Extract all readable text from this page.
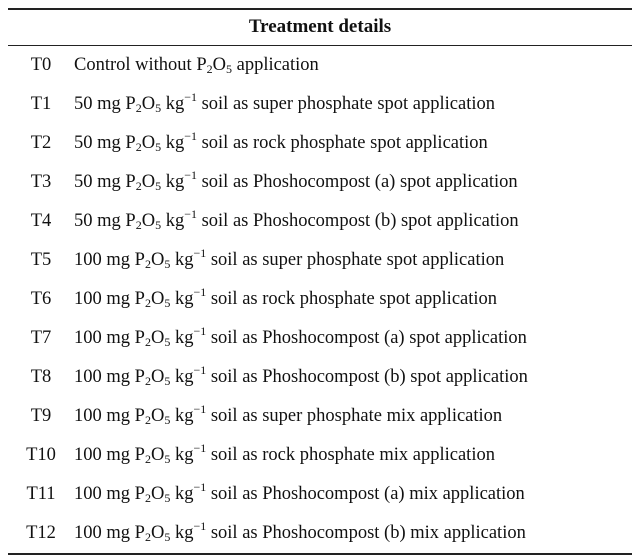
Treatment details
T0	Control without $P_2O_5$ application
T1	50 mg $P_2O_5$ $kg^{-1}$ soil as super phosphate spot application
T2	50 mg $P_2O_5$ $kg^{-1}$ soil as rock phosphate spot application
T3	50 mg $P_2O_5$ $kg^{-1}$ soil as Phoshocompost (a) spot application
T4	50 mg $P_2O_5$ $kg^{-1}$ soil as Phoshocompost (b) spot application
T5	100 mg $P_2O_5$ $kg^{-1}$ soil as super phosphate spot application
T6	100 mg $P_2O_5$ $kg^{-1}$ soil as rock phosphate spot application
T7	100 mg $P_2O_5$ $kg^{-1}$ soil as Phoshocompost (a) spot application
T8	100 mg $P_2O_5$ $kg^{-1}$ soil as Phoshocompost (b) spot application
T9	100 mg $P_2O_5$ $kg^{-1}$ soil as super phosphate mix application
T10 100 mg $P_2O_5$ $kg^{-1}$ soil as rock phosphate mix application
T11 100 mg $P_2O_5$ $kg^{-1}$ soil as Phoshocompost (a) mix application
T12 100 mg $P_2O_5$ $kg^{-1}$ soil as Phoshocompost (b) mix application
